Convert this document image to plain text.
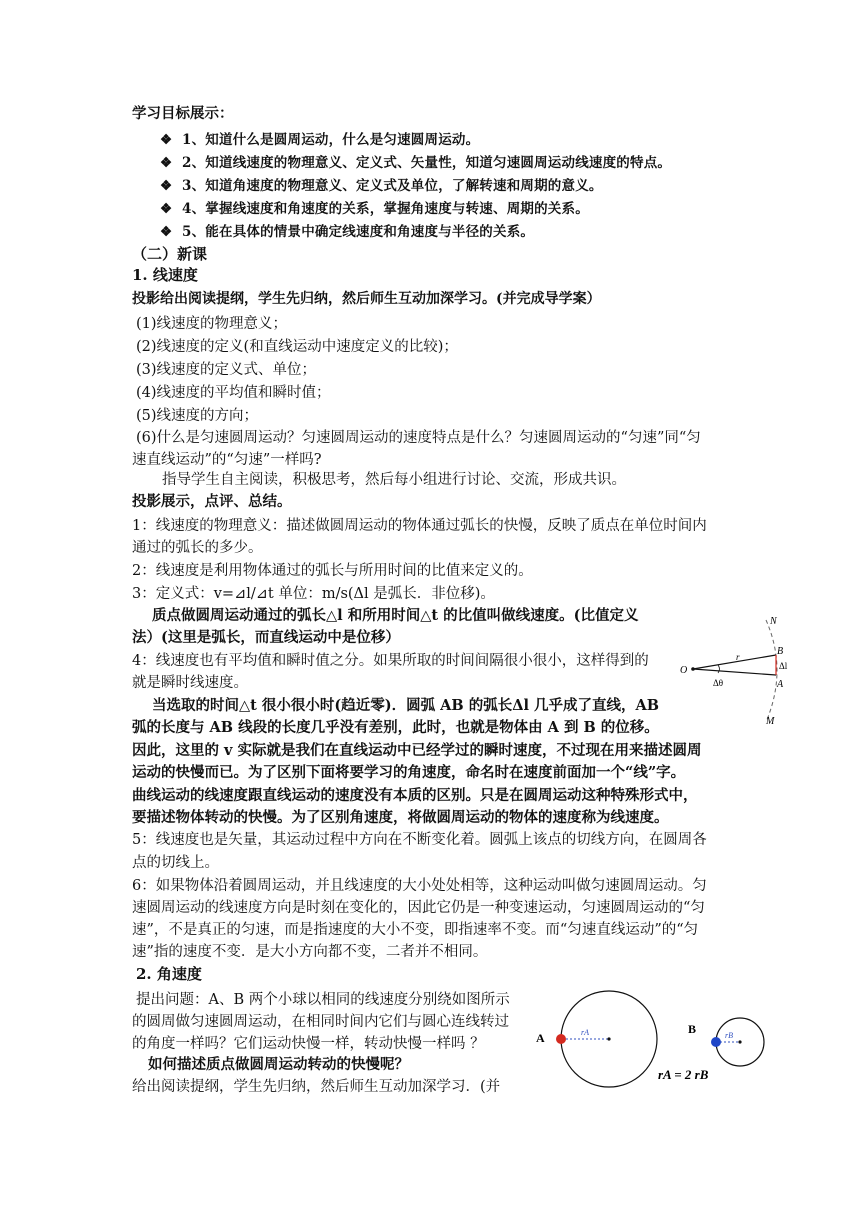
学习目标展示：
❖ 1、知道什么是圆周运动，什么是匀速圆周运动。
❖ 2、知道线速度的物理意义、定义式、矢量性，知道匀速圆周运动线速度的特点。
❖ 3、知道角速度的物理意义、定义式及单位，了解转速和周期的意义。
❖ 4、掌握线速度和角速度的关系，掌握角速度与转速、周期的关系。
❖ 5、能在具体的情景中确定线速度和角速度与半径的关系。
（二）新课
1. 线速度
投影给出阅读提纲，学生先归纳，然后师生互动加深学习。(并完成导学案）
(1)线速度的物理意义；
(2)线速度的定义(和直线运动中速度定义的比较)；
(3)线速度的定义式、单位；
(4)线速度的平均值和瞬时值；
(5)线速度的方向；
(6)什么是匀速圆周运动？匀速圆周运动的速度特点是什么？匀速圆周运动的“匀速”同“匀
速直线运动”的“匀速”一样吗?
指导学生自主阅读，积极思考，然后每小组进行讨论、交流，形成共识。
投影展示，点评、总结。
1：线速度的物理意义：描述做圆周运动的物体通过弧长的快慢，反映了质点在单位时间内
通过的弧长的多少。
2：线速度是利用物体通过的弧长与所用时间的比值来定义的。
3：定义式：v=⊿l/⊿t 单位：m/s(Δl 是弧长．非位移)。
质点做圆周运动通过的弧长△l 和所用时间△t 的比值叫做线速度。(比值定义
法）(这里是弧长，而直线运动中是位移）
4：线速度也有平均值和瞬时值之分。如果所取的时间间隔很小很小，这样得到的
就是瞬时线速度。
当选取的时间△t 很小很小时(趋近零)．圆弧 AB 的弧长Δl 几乎成了直线，AB
弧的长度与 AB 线段的长度几乎没有差别，此时，也就是物体由 A 到 B 的位移。
因此，这里的 v 实际就是我们在直线运动中已经学过的瞬时速度，不过现在用来描述圆周
运动的快慢而已。为了区别下面将要学习的角速度，命名时在速度前面加一个“线”字。
曲线运动的线速度跟直线运动的速度没有本质的区别。只是在圆周运动这种特殊形式中，
要描述物体转动的快慢。为了区别角速度，将做圆周运动的物体的速度称为线速度。
5：线速度也是矢量，其运动过程中方向在不断变化着。圆弧上该点的切线方向，在圆周各
点的切线上。
6：如果物体沿着圆周运动，并且线速度的大小处处相等，这种运动叫做匀速圆周运动。匀
速圆周运动的线速度方向是时刻在变化的，因此它仍是一种变速运动，匀速圆周运动的“匀
速”，不是真正的匀速，而是指速度的大小不变，即指速率不变。而“匀速直线运动”的“匀
速”指的速度不变．是大小方向都不变，二者并不相同。
2. 角速度
提出问题：A、B 两个小球以相同的线速度分别绕如图所示
的圆周做匀速圆周运动，在相同时间内它们与圆心连线转过
的角度一样吗？它们运动快慢一样，转动快慢一样吗 ？
如何描述质点做圆周运动转动的快慢呢？
给出阅读提纲，学生先归纳，然后师生互动加深学习．(并
N
B
r
Δl
O
A
Δθ
M
A	rA	B	rB
rA = 2 rB
